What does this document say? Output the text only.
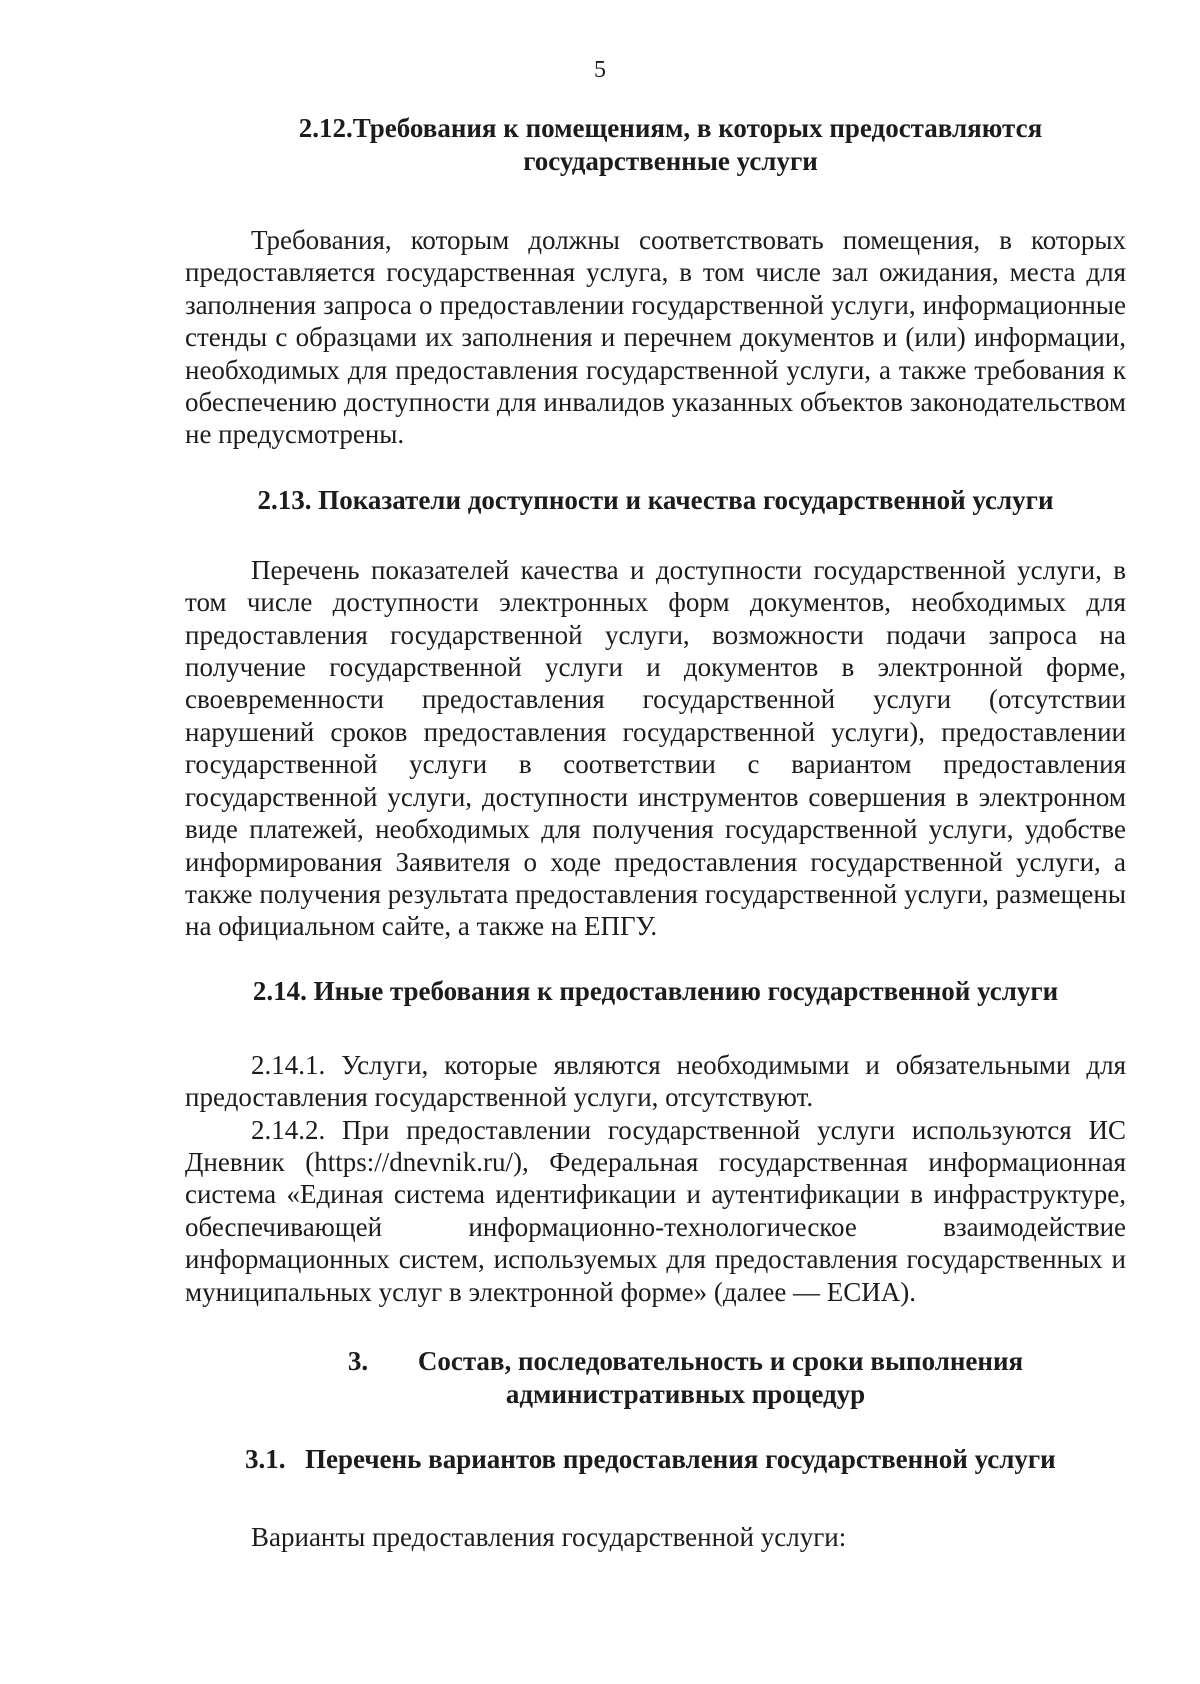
5
2.12.Требования к помещениям, в которых предоставляются
государственные услуги
Требования, которым должны соответствовать помещения, в которых предоставляется государственная услуга, в том числе зал ожидания, места для заполнения запроса о предоставлении государственной услуги, информационные стенды с образцами их заполнения и перечнем документов и (или) информации, необходимых для предоставления государственной услуги, а также требования к обеспечению доступности для инвалидов указанных объектов законодательством не предусмотрены.
2.13. Показатели доступности и качества государственной услуги
Перечень показателей качества и доступности государственной услуги, в том числе доступности электронных форм документов, необходимых для предоставления государственной услуги, возможности подачи запроса на получение государственной услуги и документов в электронной форме, своевременности предоставления государственной услуги (отсутствии нарушений сроков предоставления государственной услуги), предоставлении государственной услуги в соответствии с вариантом предоставления государственной услуги, доступности инструментов совершения в электронном виде платежей, необходимых для получения государственной услуги, удобстве информирования Заявителя о ходе предоставления государственной услуги, а также получения результата предоставления государственной услуги, размещены на официальном сайте, а также на ЕПГУ.
2.14. Иные требования к предоставлению государственной услуги
2.14.1. Услуги, которые являются необходимыми и обязательными для предоставления государственной услуги, отсутствуют.
2.14.2. При предоставлении государственной услуги используются ИС Дневник (https://dnevnik.ru/), Федеральная государственная информационная система «Единая система идентификации и аутентификации в инфраструктуре, обеспечивающей информационно-технологическое взаимодействие информационных систем, используемых для предоставления государственных и муниципальных услуг в электронной форме» (далее — ЕСИА).
3. Состав, последовательность и сроки выполнения
административных процедур
3.1. Перечень вариантов предоставления государственной услуги
Варианты предоставления государственной услуги:
